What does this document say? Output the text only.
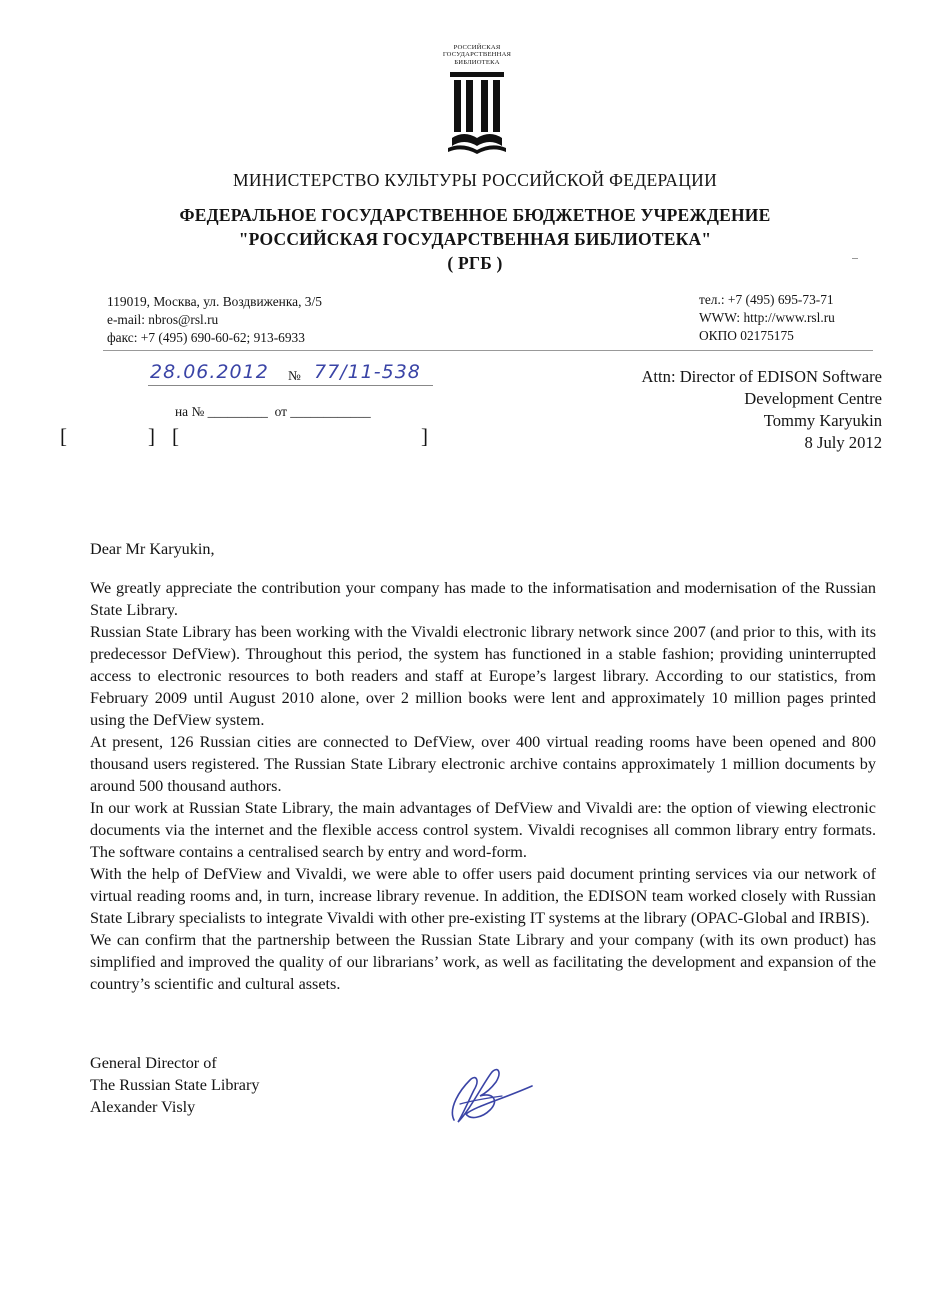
РОССИЙСКАЯ
ГОСУДАРСТВЕННАЯ
БИБЛИОТЕКА
МИНИСТЕРСТВО КУЛЬТУРЫ РОССИЙСКОЙ ФЕДЕРАЦИИ
ФЕДЕРАЛЬНОЕ ГОСУДАРСТВЕННОЕ БЮДЖЕТНОЕ УЧРЕЖДЕНИЕ
"РОССИЙСКАЯ ГОСУДАРСТВЕННАЯ БИБЛИОТЕКА"
( РГБ )
119019, Москва, ул. Воздвиженка, 3/5
e-mail: nbros@rsl.ru
факс: +7 (495) 690-60-62; 913-6933
тел.: +7 (495) 695-73-71
WWW: http://www.rsl.ru
ОКПО 02175175
28.06.2012 № 77/11-538
на № _________ от ____________
[	] [	]
Attn: Director of EDISON Software
Development Centre
Tommy Karyukin
8 July 2012
Dear Mr Karyukin,

We greatly appreciate the contribution your company has made to the informatisation and modernisation of the Russian State Library.

Russian State Library has been working with the Vivaldi electronic library network since 2007 (and prior to this, with its predecessor DefView). Throughout this period, the system has functioned in a stable fashion; providing uninterrupted access to electronic resources to both readers and staff at Europe’s largest library. According to our statistics, from February 2009 until August 2010 alone, over 2 million books were lent and approximately 10 million pages printed using the DefView system.

At present, 126 Russian cities are connected to DefView, over 400 virtual reading rooms have been opened and 800 thousand users registered. The Russian State Library electronic archive contains approximately 1 million documents by around 500 thousand authors.

In our work at Russian State Library, the main advantages of DefView and Vivaldi are: the option of viewing electronic documents via the internet and the flexible access control system. Vivaldi recognises all common library entry formats. The software contains a centralised search by entry and word-form.

With the help of DefView and Vivaldi, we were able to offer users paid document printing services via our network of virtual reading rooms and, in turn, increase library revenue. In addition, the EDISON team worked closely with Russian State Library specialists to integrate Vivaldi with other pre-existing IT systems at the library (OPAC-Global and IRBIS).

We can confirm that the partnership between the Russian State Library and your company (with its own product) has simplified and improved the quality of our librarians’ work, as well as facilitating the development and expansion of the country’s scientific and cultural assets.

General Director of
The Russian State Library
Alexander Visly
